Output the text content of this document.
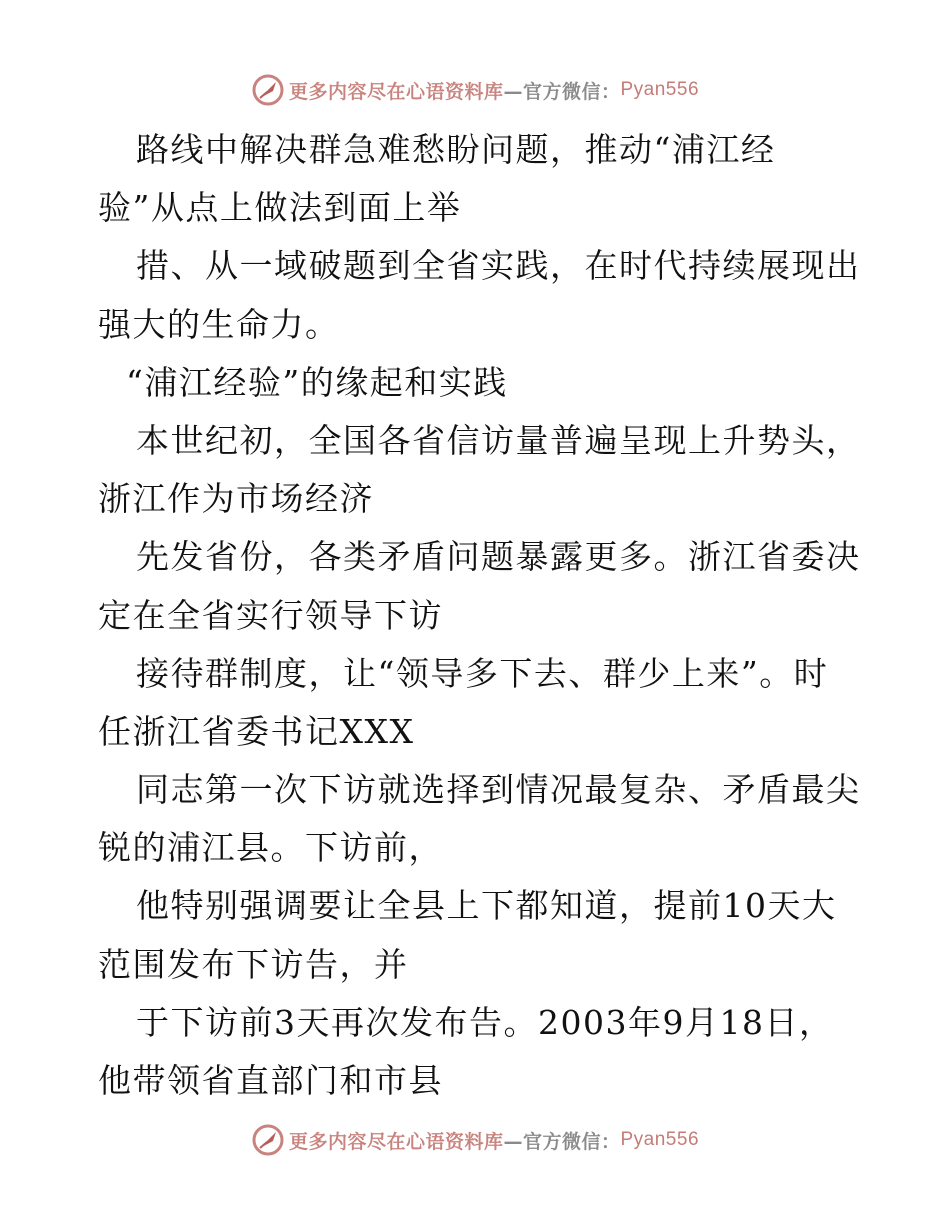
更多内容尽在心语资料库 —官方微信： Pyan556
路线中解决群急难愁盼问题，推动“浦江经
验”从点上做法到面上举
措、从一域破题到全省实践，在时代持续展现出
强大的生命力。
“浦江经验”的缘起和实践
本世纪初，全国各省信访量普遍呈现上升势头，
浙江作为市场经济
先发省份，各类矛盾问题暴露更多。浙江省委决
定在全省实行领导下访
接待群制度，让“领导多下去、群少上来”。时
任浙江省委书记XXX
同志第一次下访就选择到情况最复杂、矛盾最尖
锐的浦江县。下访前，
他特别强调要让全县上下都知道，提前10天大
范围发布下访告，并
于下访前3天再次发布告。2003年9月18日，
他带领省直部门和市县
更多内容尽在心语资料库 —官方微信： Pyan556
